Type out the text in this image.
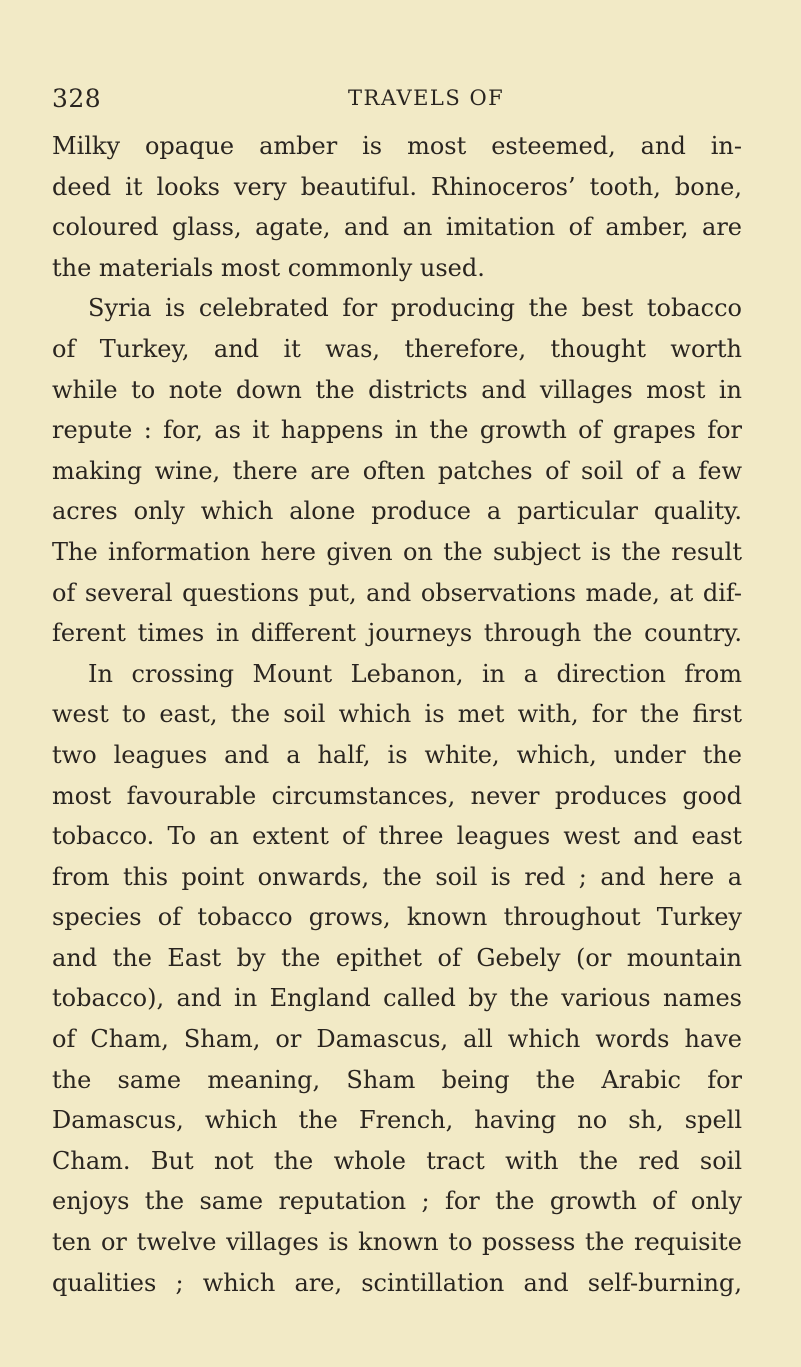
328	TRAVELS OF
Milky opaque amber is most esteemed, and in-
deed it looks very beautiful. Rhinoceros’ tooth, bone,
coloured glass, agate, and an imitation of amber, are
the materials most commonly used.
Syria is celebrated for producing the best tobacco
of Turkey, and it was, therefore, thought worth
while to note down the districts and villages most in
repute : for, as it happens in the growth of grapes for
making wine, there are often patches of soil of a few
acres only which alone produce a particular quality.
The information here given on the subject is the result
of several questions put, and observations made, at dif-
ferent times in different journeys through the country.
In crossing Mount Lebanon, in a direction from
west to east, the soil which is met with, for the first
two leagues and a half, is white, which, under the
most favourable circumstances, never produces good
tobacco. To an extent of three leagues west and east
from this point onwards, the soil is red ; and here a
species of tobacco grows, known throughout Turkey
and the East by the epithet of Gebely (or mountain
tobacco), and in England called by the various names
of Cham, Sham, or Damascus, all which words have
the same meaning, Sham being the Arabic for
Damascus, which the French, having no sh, spell
Cham. But not the whole tract with the red soil
enjoys the same reputation ; for the growth of only
ten or twelve villages is known to possess the requisite
qualities ; which are, scintillation and self-burning,
